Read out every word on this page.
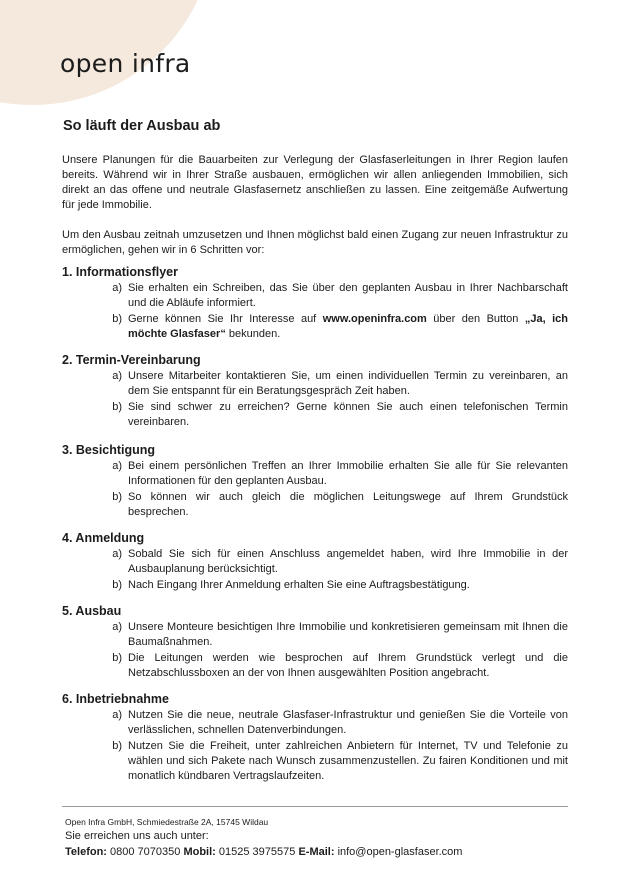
open infra
So läuft der Ausbau ab

Unsere Planungen für die Bauarbeiten zur Verlegung der Glasfaserleitungen in Ihrer Region laufen bereits. Während wir in Ihrer Straße ausbauen, ermöglichen wir allen anliegenden Immobilien, sich direkt an das offene und neutrale Glasfasernetz anschließen zu lassen. Eine zeitgemäße Aufwertung für jede Immobilie.

Um den Ausbau zeitnah umzusetzen und Ihnen möglichst bald einen Zugang zur neuen Infrastruktur zu ermöglichen, gehen wir in 6 Schritten vor:

1. Informationsflyer
a) Sie erhalten ein Schreiben, das Sie über den geplanten Ausbau in Ihrer Nachbarschaft und die Abläufe informiert.
b) Gerne können Sie Ihr Interesse auf www.openinfra.com über den Button „Ja, ich möchte Glasfaser“ bekunden.
2. Termin-Vereinbarung
a) Unsere Mitarbeiter kontaktieren Sie, um einen individuellen Termin zu vereinbaren, an dem Sie entspannt für ein Beratungsgespräch Zeit haben.
b) Sie sind schwer zu erreichen? Gerne können Sie auch einen telefonischen Termin vereinbaren.
3. Besichtigung
a) Bei einem persönlichen Treffen an Ihrer Immobilie erhalten Sie alle für Sie relevanten Informationen für den geplanten Ausbau.
b) So können wir auch gleich die möglichen Leitungswege auf Ihrem Grundstück besprechen.
4. Anmeldung
a) Sobald Sie sich für einen Anschluss angemeldet haben, wird Ihre Immobilie in der Ausbauplanung berücksichtigt.
b) Nach Eingang Ihrer Anmeldung erhalten Sie eine Auftragsbestätigung.
5. Ausbau
a) Unsere Monteure besichtigen Ihre Immobilie und konkretisieren gemeinsam mit Ihnen die Baumaßnahmen.
b) Die Leitungen werden wie besprochen auf Ihrem Grundstück verlegt und die Netzabschlussboxen an der von Ihnen ausgewählten Position angebracht.
6. Inbetriebnahme
a) Nutzen Sie die neue, neutrale Glasfaser-Infrastruktur und genießen Sie die Vorteile von verlässlichen, schnellen Datenverbindungen.
b) Nutzen Sie die Freiheit, unter zahlreichen Anbietern für Internet, TV und Telefonie zu wählen und sich Pakete nach Wunsch zusammenzustellen. Zu fairen Konditionen und mit monatlich kündbaren Vertragslaufzeiten.
Open Infra GmbH, Schmiedestraße 2A, 15745 Wildau
Sie erreichen uns auch unter:
Telefon: 0800 7070350 Mobil: 01525 3975575 E-Mail: info@open-glasfaser.com
